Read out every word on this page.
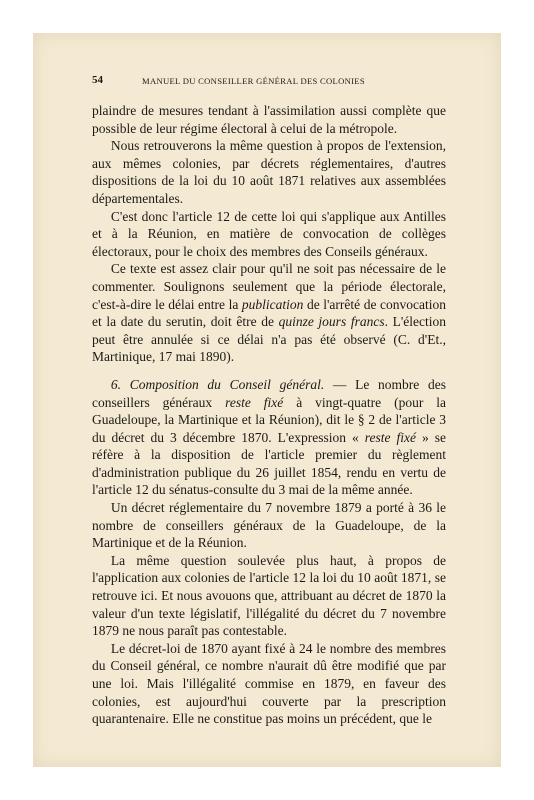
54	MANUEL DU CONSEILLER GÉNÉRAL DES COLONIES

plaindre de mesures tendant à l'assimilation aussi complète que possible de leur régime électoral à celui de la métropole.

Nous retrouverons la même question à propos de l'extension, aux mêmes colonies, par décrets réglementaires, d'autres dispositions de la loi du 10 août 1871 relatives aux assemblées départementales.

C'est donc l'article 12 de cette loi qui s'applique aux Antilles et à la Réunion, en matière de convocation de collèges électoraux, pour le choix des membres des Conseils généraux.

Ce texte est assez clair pour qu'il ne soit pas nécessaire de le commenter. Soulignons seulement que la période électorale, c'est-à-dire le délai entre la publication de l'arrêté de convocation et la date du serutin, doit être de quinze jours francs. L'élection peut être annulée si ce délai n'a pas été observé (C. d'Et., Martinique, 17 mai 1890).

6. Composition du Conseil général. — Le nombre des conseillers généraux reste fixé à vingt-quatre (pour la Guadeloupe, la Martinique et la Réunion), dit le § 2 de l'article 3 du décret du 3 décembre 1870. L'expression « reste fixé » se réfère à la disposition de l'article premier du règlement d'administration publique du 26 juillet 1854, rendu en vertu de l'article 12 du sénatus-consulte du 3 mai de la même année.

Un décret réglementaire du 7 novembre 1879 a porté à 36 le nombre de conseillers généraux de la Guadeloupe, de la Martinique et de la Réunion.

La même question soulevée plus haut, à propos de l'application aux colonies de l'article 12 la loi du 10 août 1871, se retrouve ici. Et nous avouons que, attribuant au décret de 1870 la valeur d'un texte législatif, l'illégalité du décret du 7 novembre 1879 ne nous paraît pas contestable.

Le décret-loi de 1870 ayant fixé à 24 le nombre des membres du Conseil général, ce nombre n'aurait dû être modifié que par une loi. Mais l'illégalité commise en 1879, en faveur des colonies, est aujourd'hui couverte par la prescription quarantenaire. Elle ne constitue pas moins un précédent, que le
